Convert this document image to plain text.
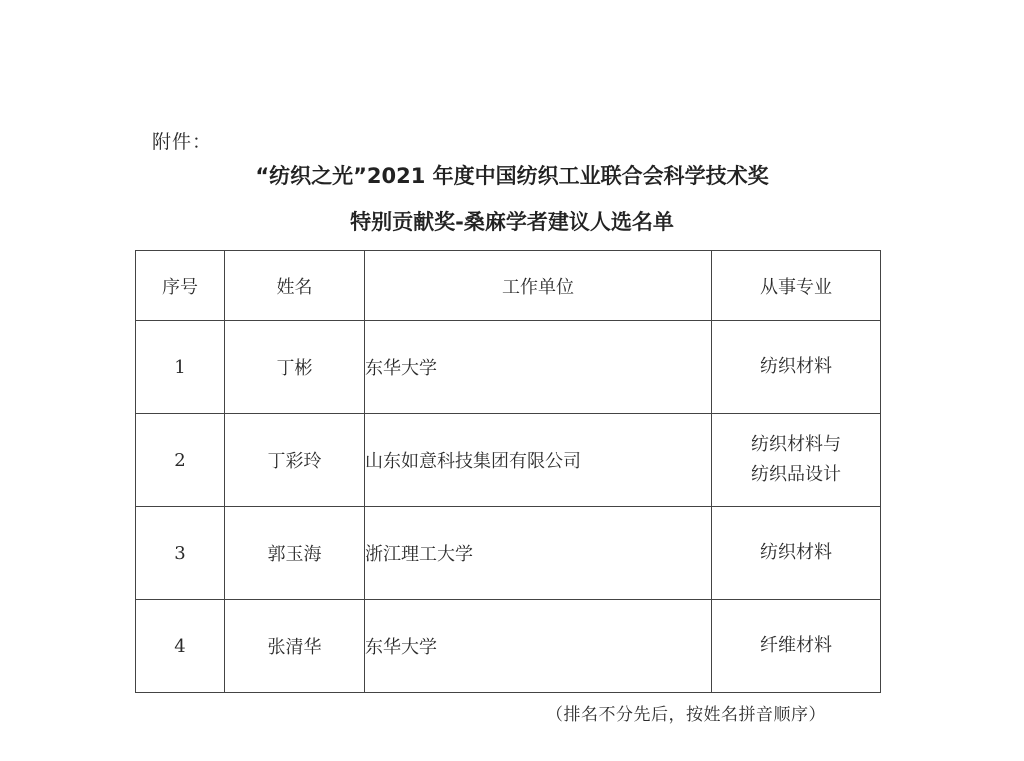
附件：
“纺织之光”2021 年度中国纺织工业联合会科学技术奖
特别贡献奖-桑麻学者建议人选名单
序号	姓名	工作单位	从事专业
1	丁彬	东华大学	纺织材料
2	丁彩玲	山东如意科技集团有限公司	纺织材料与
纺织品设计
3	郭玉海	浙江理工大学	纺织材料
4	张清华	东华大学	纤维材料
（排名不分先后，按姓名拼音顺序）
